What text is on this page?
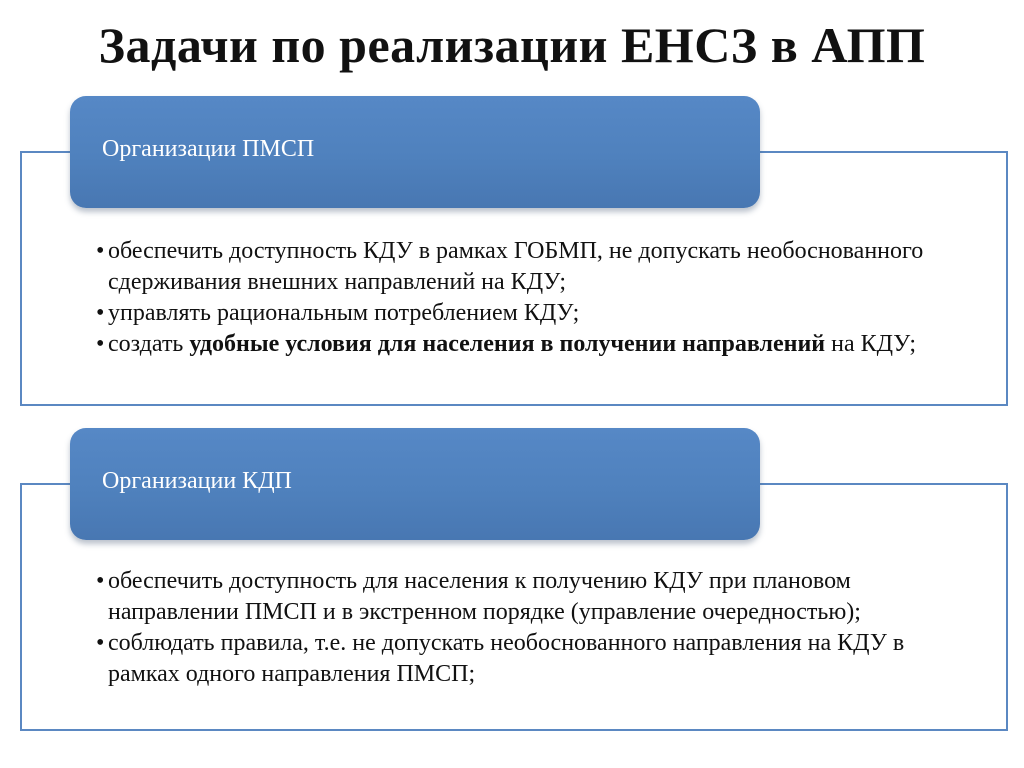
Задачи по реализации ЕНСЗ в АПП
Организации ПМСП
• обеспечить доступность КДУ в рамках ГОБМП, не допускать необоснованного сдерживания внешних направлений на КДУ;
• управлять рациональным потреблением КДУ;
• создать удобные условия для населения в получении направлений на КДУ;
Организации КДП
• обеспечить доступность для населения к получению КДУ при плановом направлении ПМСП и в экстренном порядке (управление очередностью);
• соблюдать правила, т.е. не допускать необоснованного направления на КДУ в рамках одного направления ПМСП;
